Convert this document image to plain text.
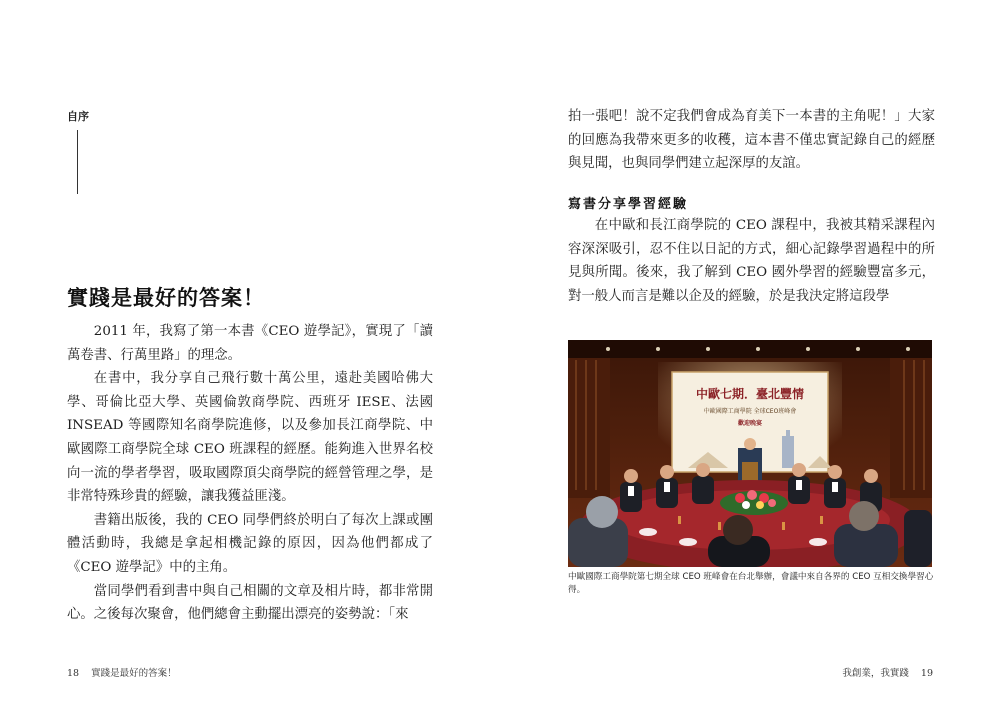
自序
實踐是最好的答案！

2011 年，我寫了第一本書《CEO 遊學記》，實現了「讀萬卷書、行萬里路」的理念。

在書中，我分享自己飛行數十萬公里，遠赴美國哈佛大學、哥倫比亞大學、英國倫敦商學院、西班牙 IESE、法國 INSEAD 等國際知名商學院進修，以及參加長江商學院、中歐國際工商學院全球 CEO 班課程的經歷。能夠進入世界名校向一流的學者學習，吸取國際頂尖商學院的經營管理之學，是非常特殊珍貴的經驗，讓我獲益匪淺。

書籍出版後，我的 CEO 同學們終於明白了每次上課或團體活動時，我總是拿起相機記錄的原因，因為他們都成了《CEO 遊學記》中的主角。

當同學們看到書中與自己相關的文章及相片時，都非常開心。之後每次聚會，他們總會主動擺出漂亮的姿勢說：「來

18 實踐是最好的答案！

拍一張吧！說不定我們會成為育美下一本書的主角呢！」大家的回應為我帶來更多的收穫，這本書不僅忠實記錄自己的經歷與見聞，也與同學們建立起深厚的友誼。

寫書分享學習經驗

在中歐和長江商學院的 CEO 課程中，我被其精采課程內容深深吸引，忍不住以日記的方式，細心記錄學習過程中的所見與所聞。後來，我了解到 CEO 國外學習的經驗豐富多元，對一般人而言是難以企及的經驗，於是我決定將這段學

中歐七期．臺北豐情
中歐國際工商學院 全球CEO班峰會
歡迎晚宴

中歐國際工商學院第七期全球 CEO 班峰會在台北舉辦，會議中來自各界的 CEO 互相交換學習心得。

我創業，我實踐 19
